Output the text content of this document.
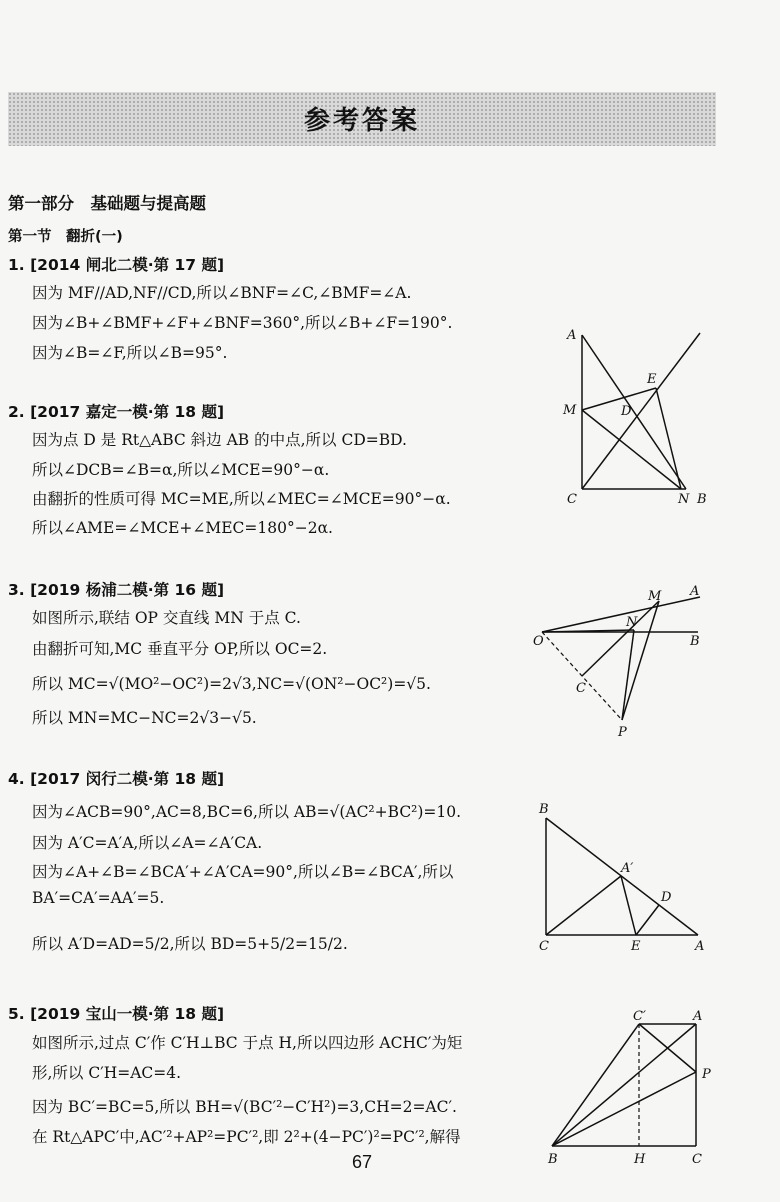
参考答案
第一部分　基础题与提高题
第一节　翻折(一)
1. [2014 闸北二模·第 17 题]
因为 MF//AD,NF//CD,所以∠BNF=∠C,∠BMF=∠A.
因为∠B+∠BMF+∠F+∠BNF=360°,所以∠B+∠F=190°.
因为∠B=∠F,所以∠B=95°.
2. [2017 嘉定一模·第 18 题]
因为点 D 是 Rt△ABC 斜边 AB 的中点,所以 CD=BD.
所以∠DCB=∠B=α,所以∠MCE=90°−α.
由翻折的性质可得 MC=ME,所以∠MEC=∠MCE=90°−α.
所以∠AME=∠MCE+∠MEC=180°−2α.
3. [2019 杨浦二模·第 16 题]
如图所示,联结 OP 交直线 MN 于点 C.
由翻折可知,MC 垂直平分 OP,所以 OC=2.
所以 MC=√(MO²−OC²)=2√3,NC=√(ON²−OC²)=√5.
所以 MN=MC−NC=2√3−√5.
4. [2017 闵行二模·第 18 题]
因为∠ACB=90°,AC=8,BC=6,所以 AB=√(AC²+BC²)=10.
因为 A′C=A′A,所以∠A=∠A′CA.
因为∠A+∠B=∠BCA′+∠A′CA=90°,所以∠B=∠BCA′,所以
BA′=CA′=AA′=5.
所以 A′D=AD=5/2,所以 BD=5+5/2=15/2.
5. [2019 宝山一模·第 18 题]
如图所示,过点 C′作 C′H⊥BC 于点 H,所以四边形 ACHC′为矩
形,所以 C′H=AC=4.
因为 BC′=BC=5,所以 BH=√(BC′²−C′H²)=3,CH=2=AC′.
在 Rt△APC′中,AC′²+AP²=PC′²,即 2²+(4−PC′)²=PC′²,解得
67
A
M
E
D
C	N B
M A
O
N
B
C
P
B
A′
D
C	E	A
C′	A
P
B	H	C
